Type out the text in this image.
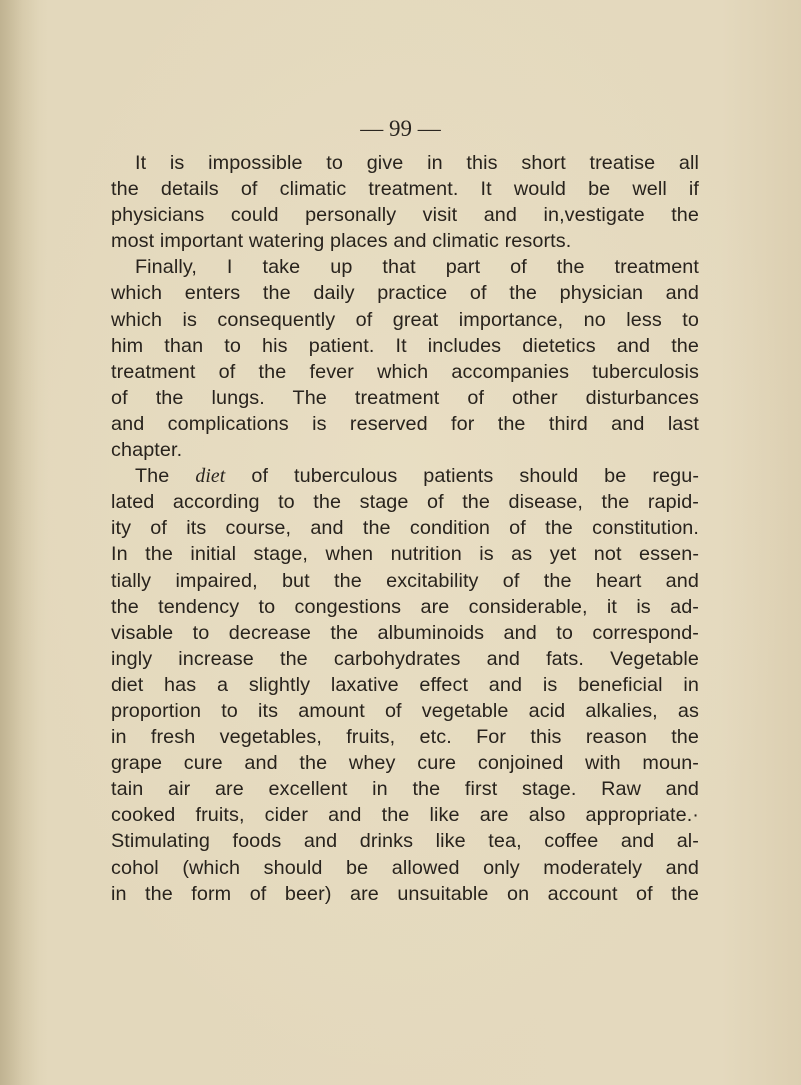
— 99 —

It is impossible to give in this short treatise all
the details of climatic treatment. It would be well if
physicians could personally visit and in,vestigate the
most important watering places and climatic resorts.

Finally, I take up that part of the treatment
which enters the daily practice of the physician and
which is consequently of great importance, no less to
him than to his patient. It includes dietetics and the
treatment of the fever which accompanies tuberculosis
of the lungs. The treatment of other disturbances
and complications is reserved for the third and last
chapter.

The diet of tuberculous patients should be regu-
lated according to the stage of the disease, the rapid-
ity of its course, and the condition of the constitution.
In the initial stage, when nutrition is as yet not essen-
tially impaired, but the excitability of the heart and
the tendency to congestions are considerable, it is ad-
visable to decrease the albuminoids and to correspond-
ingly increase the carbohydrates and fats. Vegetable
diet has a slightly laxative effect and is beneficial in
proportion to its amount of vegetable acid alkalies, as
in fresh vegetables, fruits, etc. For this reason the
grape cure and the whey cure conjoined with moun-
tain air are excellent in the first stage. Raw and
cooked fruits, cider and the like are also appropriate.·
Stimulating foods and drinks like tea, coffee and al-
cohol (which should be allowed only moderately and
in the form of beer) are unsuitable on account of the
